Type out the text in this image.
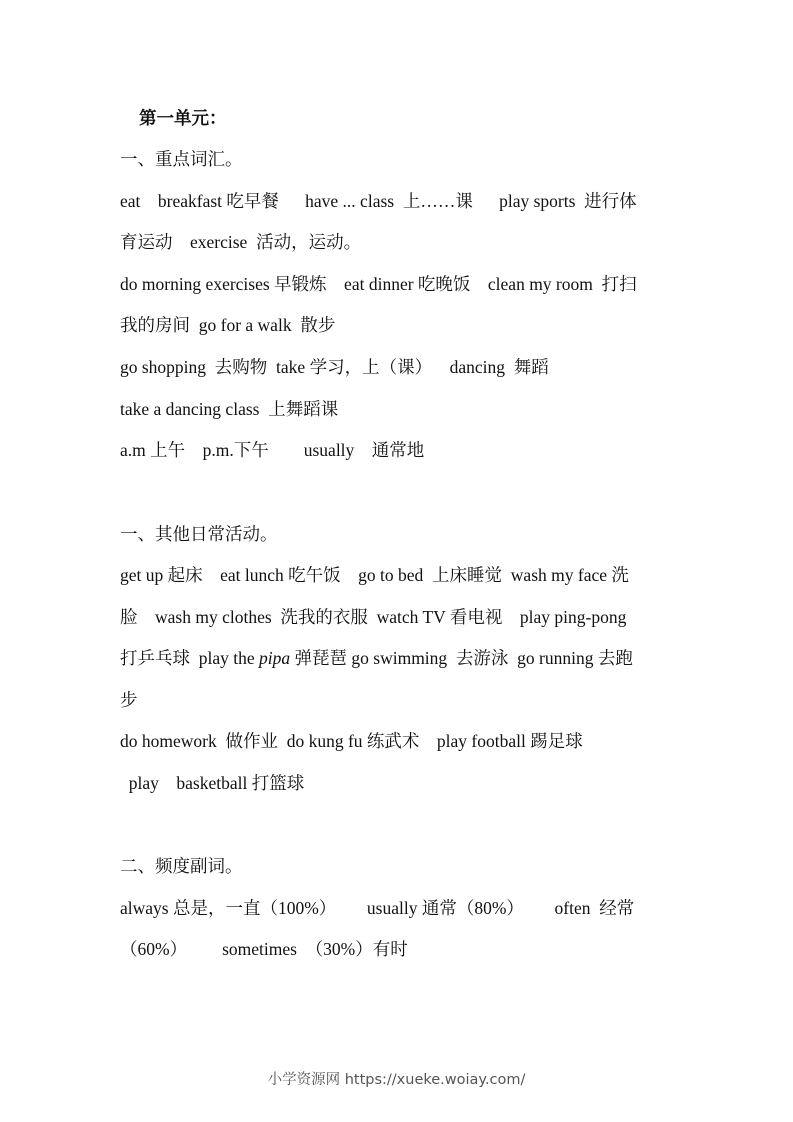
第一单元：
一、重点词汇。
eat    breakfast 吃早餐      have ... class  上……课      play sports  进行体
育运动    exercise  活动，运动。
do morning exercises 早锻炼    eat dinner 吃晚饭    clean my room  打扫
我的房间  go for a walk  散步
go shopping  去购物  take 学习，上（课）    dancing  舞蹈
take a dancing class  上舞蹈课
a.m 上午    p.m.下午        usually    通常地
一、其他日常活动。
get up 起床    eat lunch 吃午饭    go to bed  上床睡觉  wash my face 洗
脸    wash my clothes  洗我的衣服  watch TV 看电视    play ping-pong
打乒乓球  play the pipa 弹琵琶 go swimming  去游泳  go running 去跑
步
do homework  做作业  do kung fu 练武术    play football 踢足球
play    basketball 打篮球
二、频度副词。
always 总是，一直（100%）       usually 通常（80%）       often  经常
（60%）        sometimes  （30%）有时
小学资源网 https://xueke.woiay.com/
